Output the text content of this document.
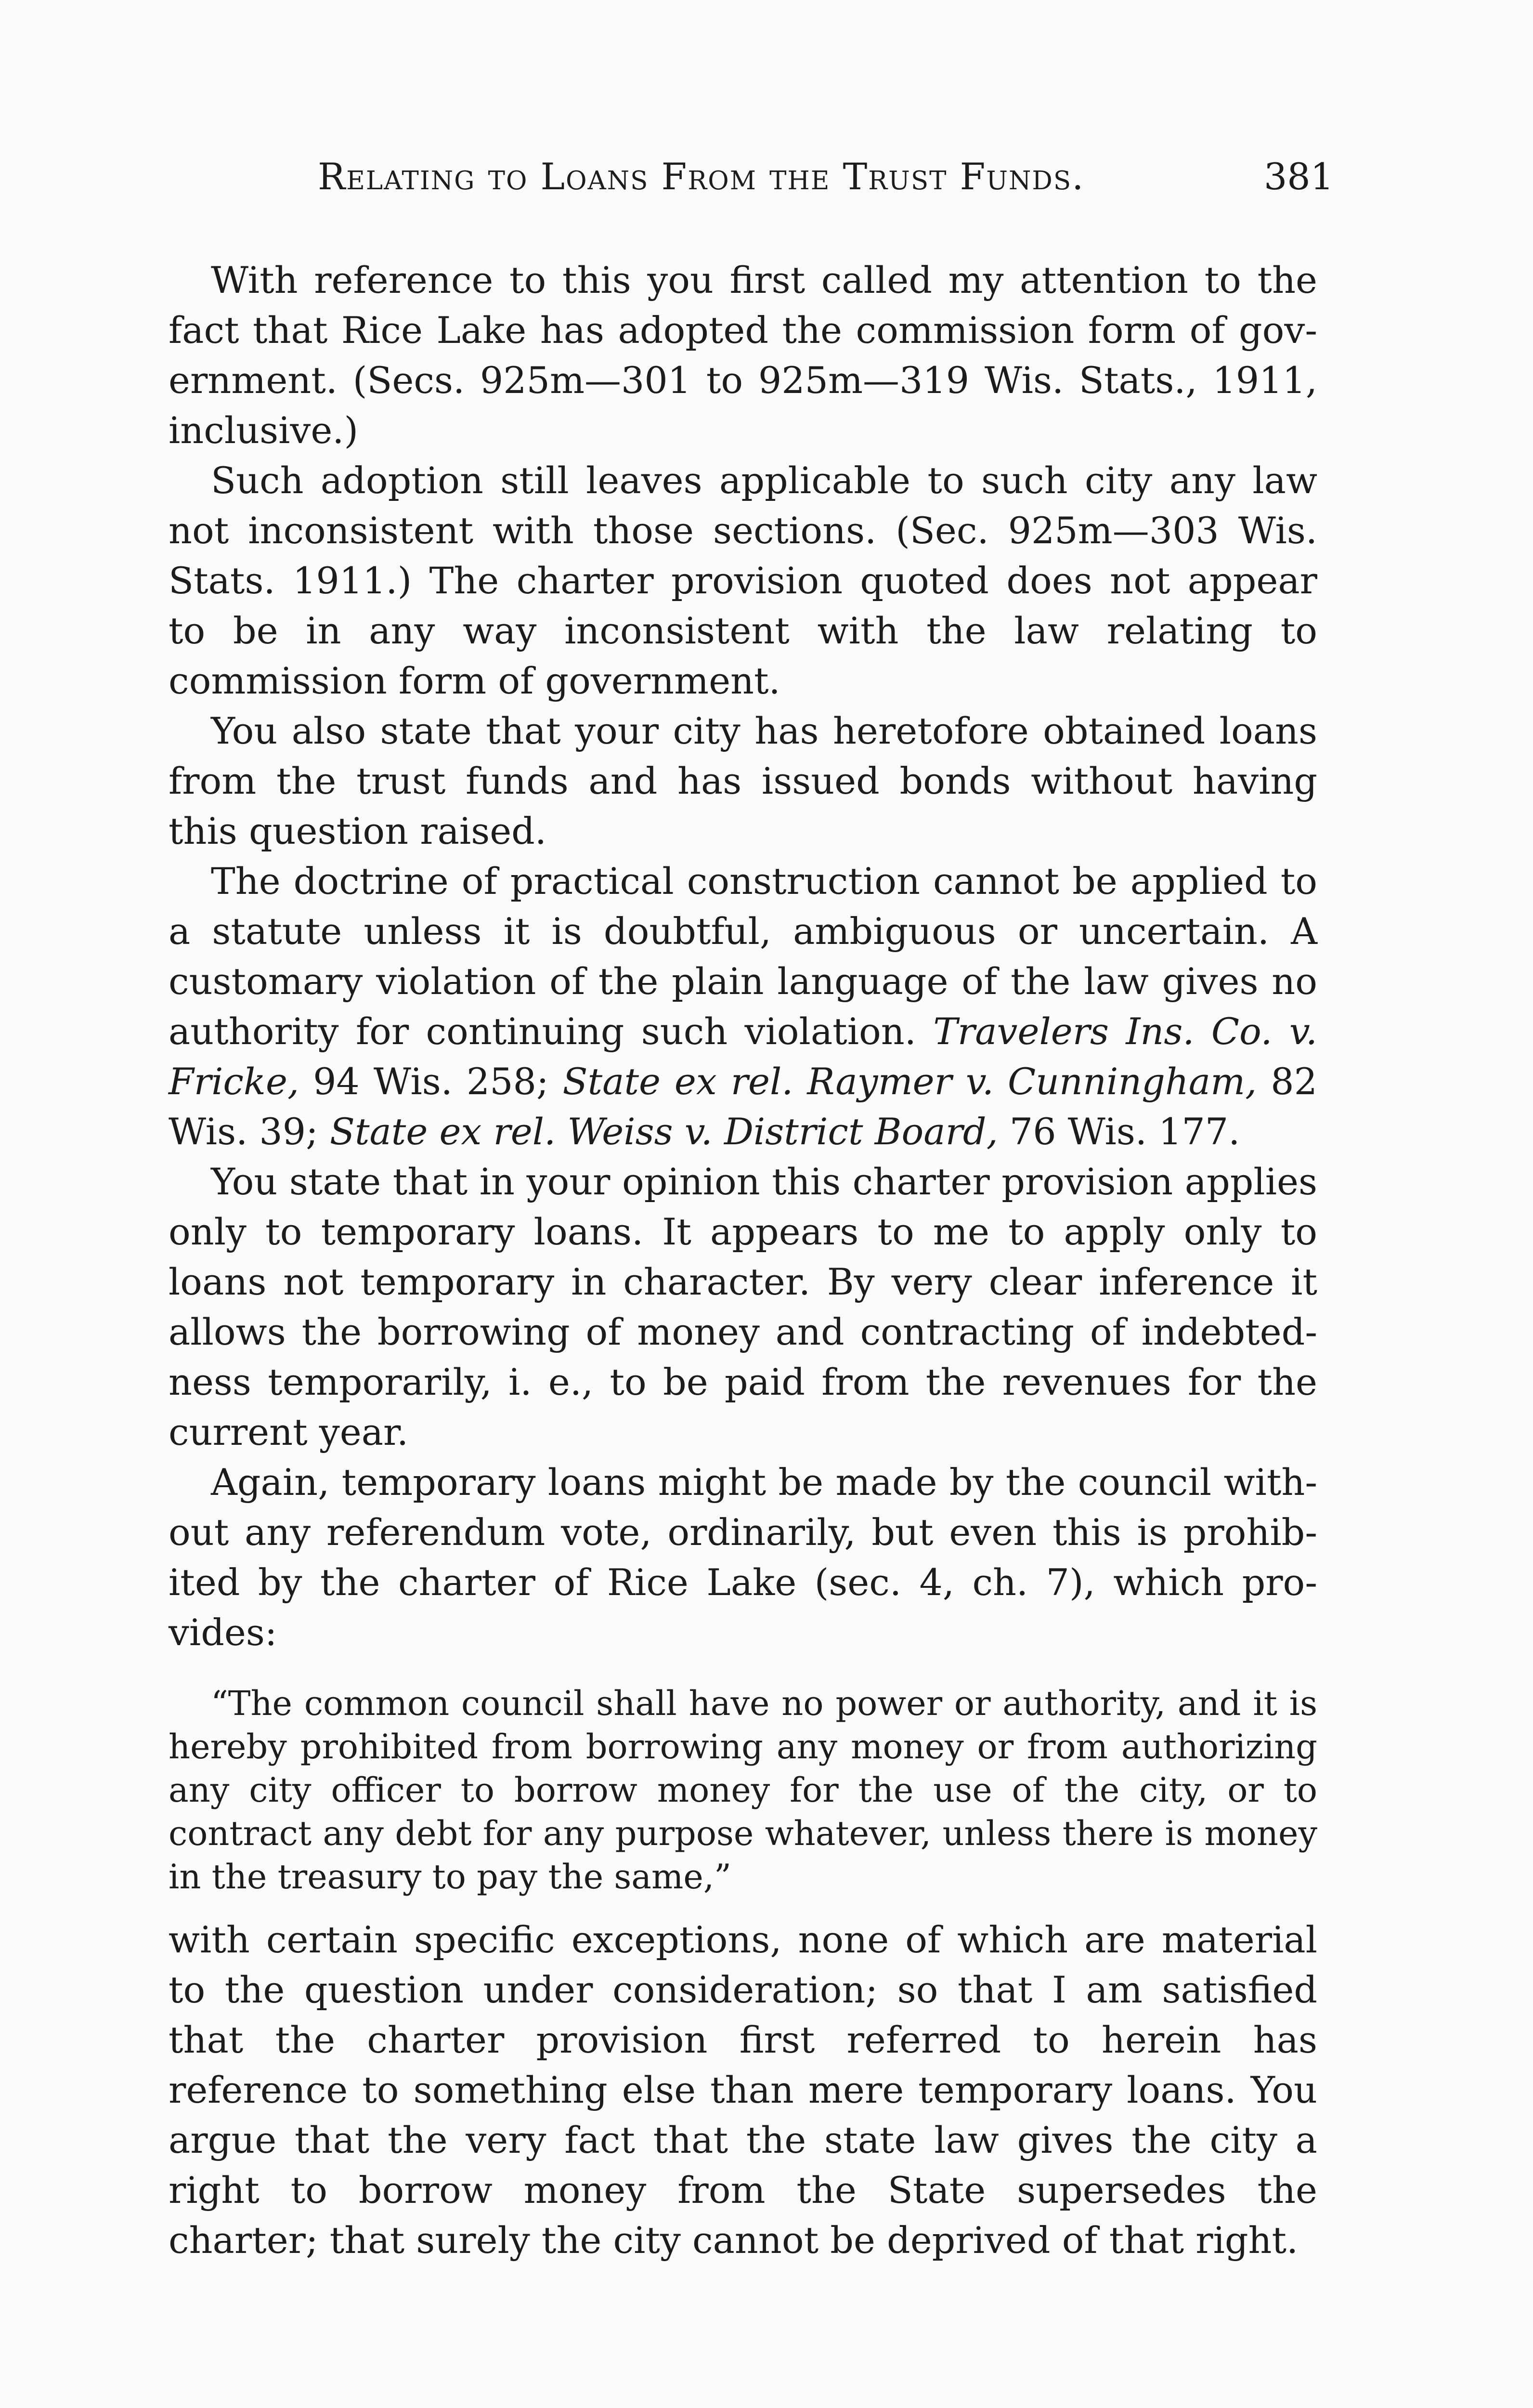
Relating to Loans From the Trust Funds.	381

With reference to this you first called my attention to the fact that Rice Lake has adopted the commission form of government. (Secs. 925m—301 to 925m—319 Wis. Stats., 1911, inclusive.)

Such adoption still leaves applicable to such city any law not inconsistent with those sections. (Sec. 925m—303 Wis. Stats. 1911.) The charter provision quoted does not appear to be in any way inconsistent with the law relating to commission form of government.

You also state that your city has heretofore obtained loans from the trust funds and has issued bonds without having this question raised.

The doctrine of practical construction cannot be applied to a statute unless it is doubtful, ambiguous or uncertain. A customary violation of the plain language of the law gives no authority for continuing such violation. Travelers Ins. Co. v. Fricke, 94 Wis. 258; State ex rel. Raymer v. Cunningham, 82 Wis. 39; State ex rel. Weiss v. District Board, 76 Wis. 177.

You state that in your opinion this charter provision applies only to temporary loans. It appears to me to apply only to loans not temporary in character. By very clear inference it allows the borrowing of money and contracting of indebtedness temporarily, i. e., to be paid from the revenues for the current year.

Again, temporary loans might be made by the council without any referendum vote, ordinarily, but even this is prohibited by the charter of Rice Lake (sec. 4, ch. 7), which provides:

“The common council shall have no power or authority, and it is hereby prohibited from borrowing any money or from authorizing any city officer to borrow money for the use of the city, or to contract any debt for any purpose whatever, unless there is money in the treasury to pay the same,”

with certain specific exceptions, none of which are material to the question under consideration; so that I am satisfied that the charter provision first referred to herein has reference to something else than mere temporary loans. You argue that the very fact that the state law gives the city a right to borrow money from the State supersedes the charter; that surely the city cannot be deprived of that right.
